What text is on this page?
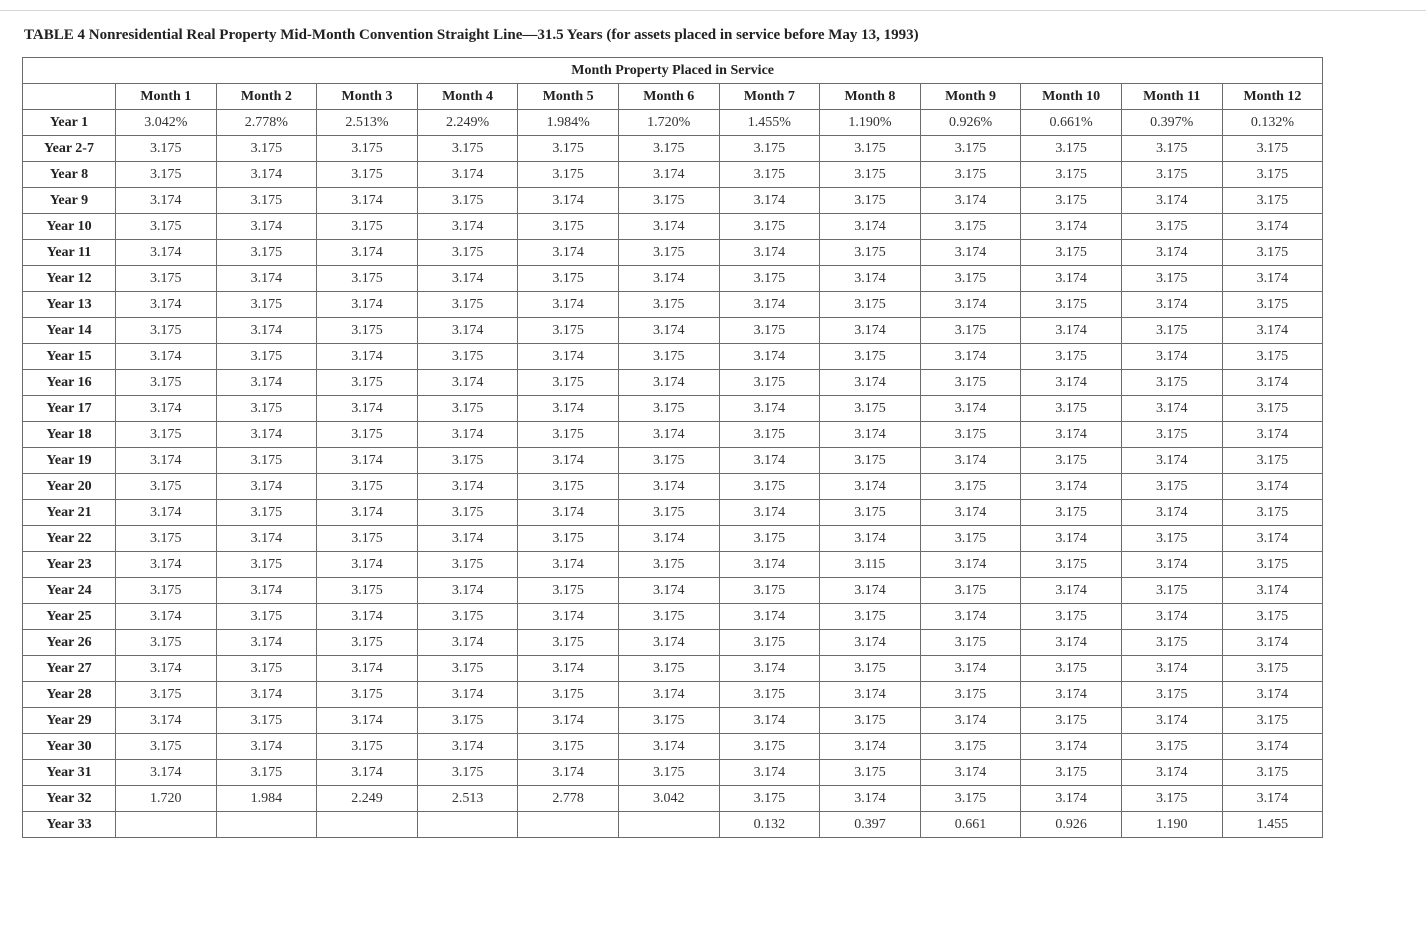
TABLE 4 Nonresidential Real Property Mid-Month Convention Straight Line—31.5 Years (for assets placed in service before May 13, 1993)
Month Property Placed in Service												
	Month 1	Month 2	Month 3	Month 4	Month 5	Month 6	Month 7	Month 8	Month 9	Month 10	Month 11	Month 12
Year 1	3.042%	2.778%	2.513%	2.249%	1.984%	1.720%	1.455%	1.190%	0.926%	0.661%	0.397%	0.132%
Year 2-7	3.175	3.175	3.175	3.175	3.175	3.175	3.175	3.175	3.175	3.175	3.175	3.175
Year 8	3.175	3.174	3.175	3.174	3.175	3.174	3.175	3.175	3.175	3.175	3.175	3.175
Year 9	3.174	3.175	3.174	3.175	3.174	3.175	3.174	3.175	3.174	3.175	3.174	3.175
Year 10	3.175	3.174	3.175	3.174	3.175	3.174	3.175	3.174	3.175	3.174	3.175	3.174
Year 11	3.174	3.175	3.174	3.175	3.174	3.175	3.174	3.175	3.174	3.175	3.174	3.175
Year 12	3.175	3.174	3.175	3.174	3.175	3.174	3.175	3.174	3.175	3.174	3.175	3.174
Year 13	3.174	3.175	3.174	3.175	3.174	3.175	3.174	3.175	3.174	3.175	3.174	3.175
Year 14	3.175	3.174	3.175	3.174	3.175	3.174	3.175	3.174	3.175	3.174	3.175	3.174
Year 15	3.174	3.175	3.174	3.175	3.174	3.175	3.174	3.175	3.174	3.175	3.174	3.175
Year 16	3.175	3.174	3.175	3.174	3.175	3.174	3.175	3.174	3.175	3.174	3.175	3.174
Year 17	3.174	3.175	3.174	3.175	3.174	3.175	3.174	3.175	3.174	3.175	3.174	3.175
Year 18	3.175	3.174	3.175	3.174	3.175	3.174	3.175	3.174	3.175	3.174	3.175	3.174
Year 19	3.174	3.175	3.174	3.175	3.174	3.175	3.174	3.175	3.174	3.175	3.174	3.175
Year 20	3.175	3.174	3.175	3.174	3.175	3.174	3.175	3.174	3.175	3.174	3.175	3.174
Year 21	3.174	3.175	3.174	3.175	3.174	3.175	3.174	3.175	3.174	3.175	3.174	3.175
Year 22	3.175	3.174	3.175	3.174	3.175	3.174	3.175	3.174	3.175	3.174	3.175	3.174
Year 23	3.174	3.175	3.174	3.175	3.174	3.175	3.174	3.115	3.174	3.175	3.174	3.175
Year 24	3.175	3.174	3.175	3.174	3.175	3.174	3.175	3.174	3.175	3.174	3.175	3.174
Year 25	3.174	3.175	3.174	3.175	3.174	3.175	3.174	3.175	3.174	3.175	3.174	3.175
Year 26	3.175	3.174	3.175	3.174	3.175	3.174	3.175	3.174	3.175	3.174	3.175	3.174
Year 27	3.174	3.175	3.174	3.175	3.174	3.175	3.174	3.175	3.174	3.175	3.174	3.175
Year 28	3.175	3.174	3.175	3.174	3.175	3.174	3.175	3.174	3.175	3.174	3.175	3.174
Year 29	3.174	3.175	3.174	3.175	3.174	3.175	3.174	3.175	3.174	3.175	3.174	3.175
Year 30	3.175	3.174	3.175	3.174	3.175	3.174	3.175	3.174	3.175	3.174	3.175	3.174
Year 31	3.174	3.175	3.174	3.175	3.174	3.175	3.174	3.175	3.174	3.175	3.174	3.175
Year 32	1.720	1.984	2.249	2.513	2.778	3.042	3.175	3.174	3.175	3.174	3.175	3.174
Year 33							0.132	0.397	0.661	0.926	1.190	1.455
